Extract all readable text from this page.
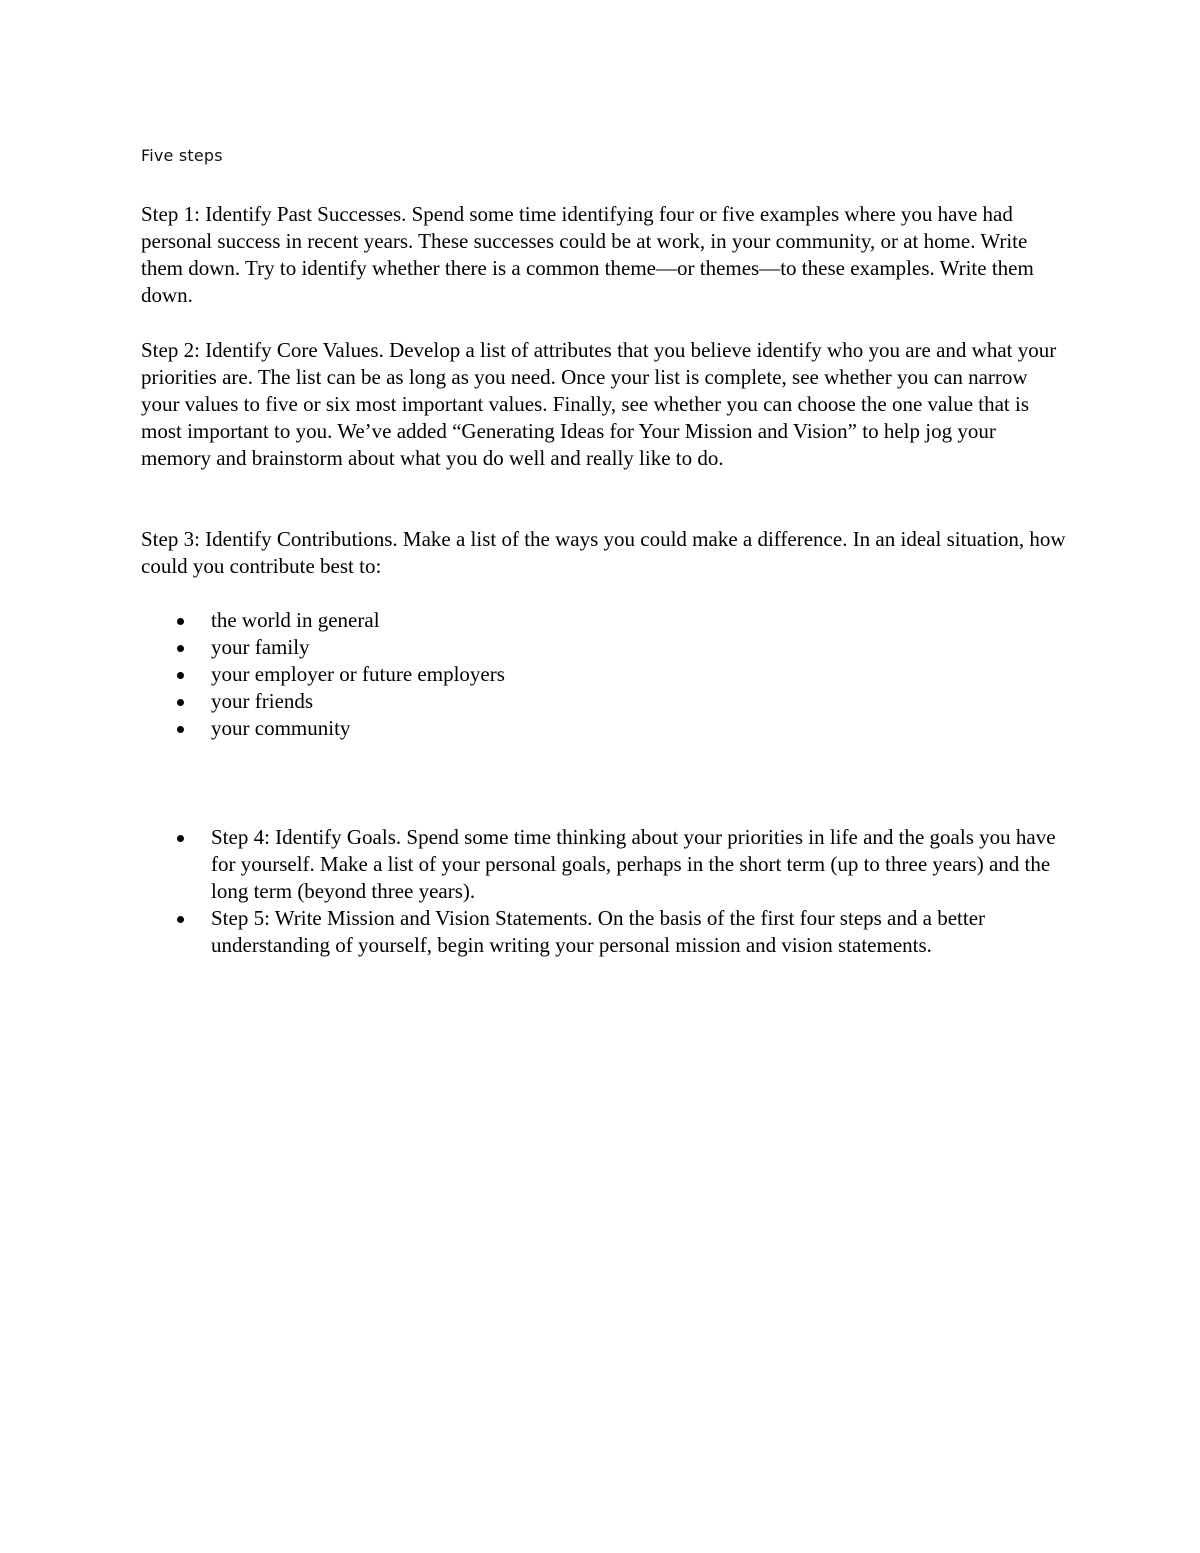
Five steps

Step 1: Identify Past Successes. Spend some time identifying four or five examples where you have had personal success in recent years. These successes could be at work, in your community, or at home. Write them down. Try to identify whether there is a common theme—or themes—to these examples. Write them down.

Step 2: Identify Core Values. Develop a list of attributes that you believe identify who you are and what your priorities are. The list can be as long as you need. Once your list is complete, see whether you can narrow your values to five or six most important values. Finally, see whether you can choose the one value that is most important to you. We’ve added “Generating Ideas for Your Mission and Vision” to help jog your memory and brainstorm about what you do well and really like to do.

Step 3: Identify Contributions. Make a list of the ways you could make a difference. In an ideal situation, how could you contribute best to:

the world in general
your family
your employer or future employers
your friends
your community
Step 4: Identify Goals. Spend some time thinking about your priorities in life and the goals you have for yourself. Make a list of your personal goals, perhaps in the short term (up to three years) and the long term (beyond three years).
Step 5: Write Mission and Vision Statements. On the basis of the first four steps and a better understanding of yourself, begin writing your personal mission and vision statements.
